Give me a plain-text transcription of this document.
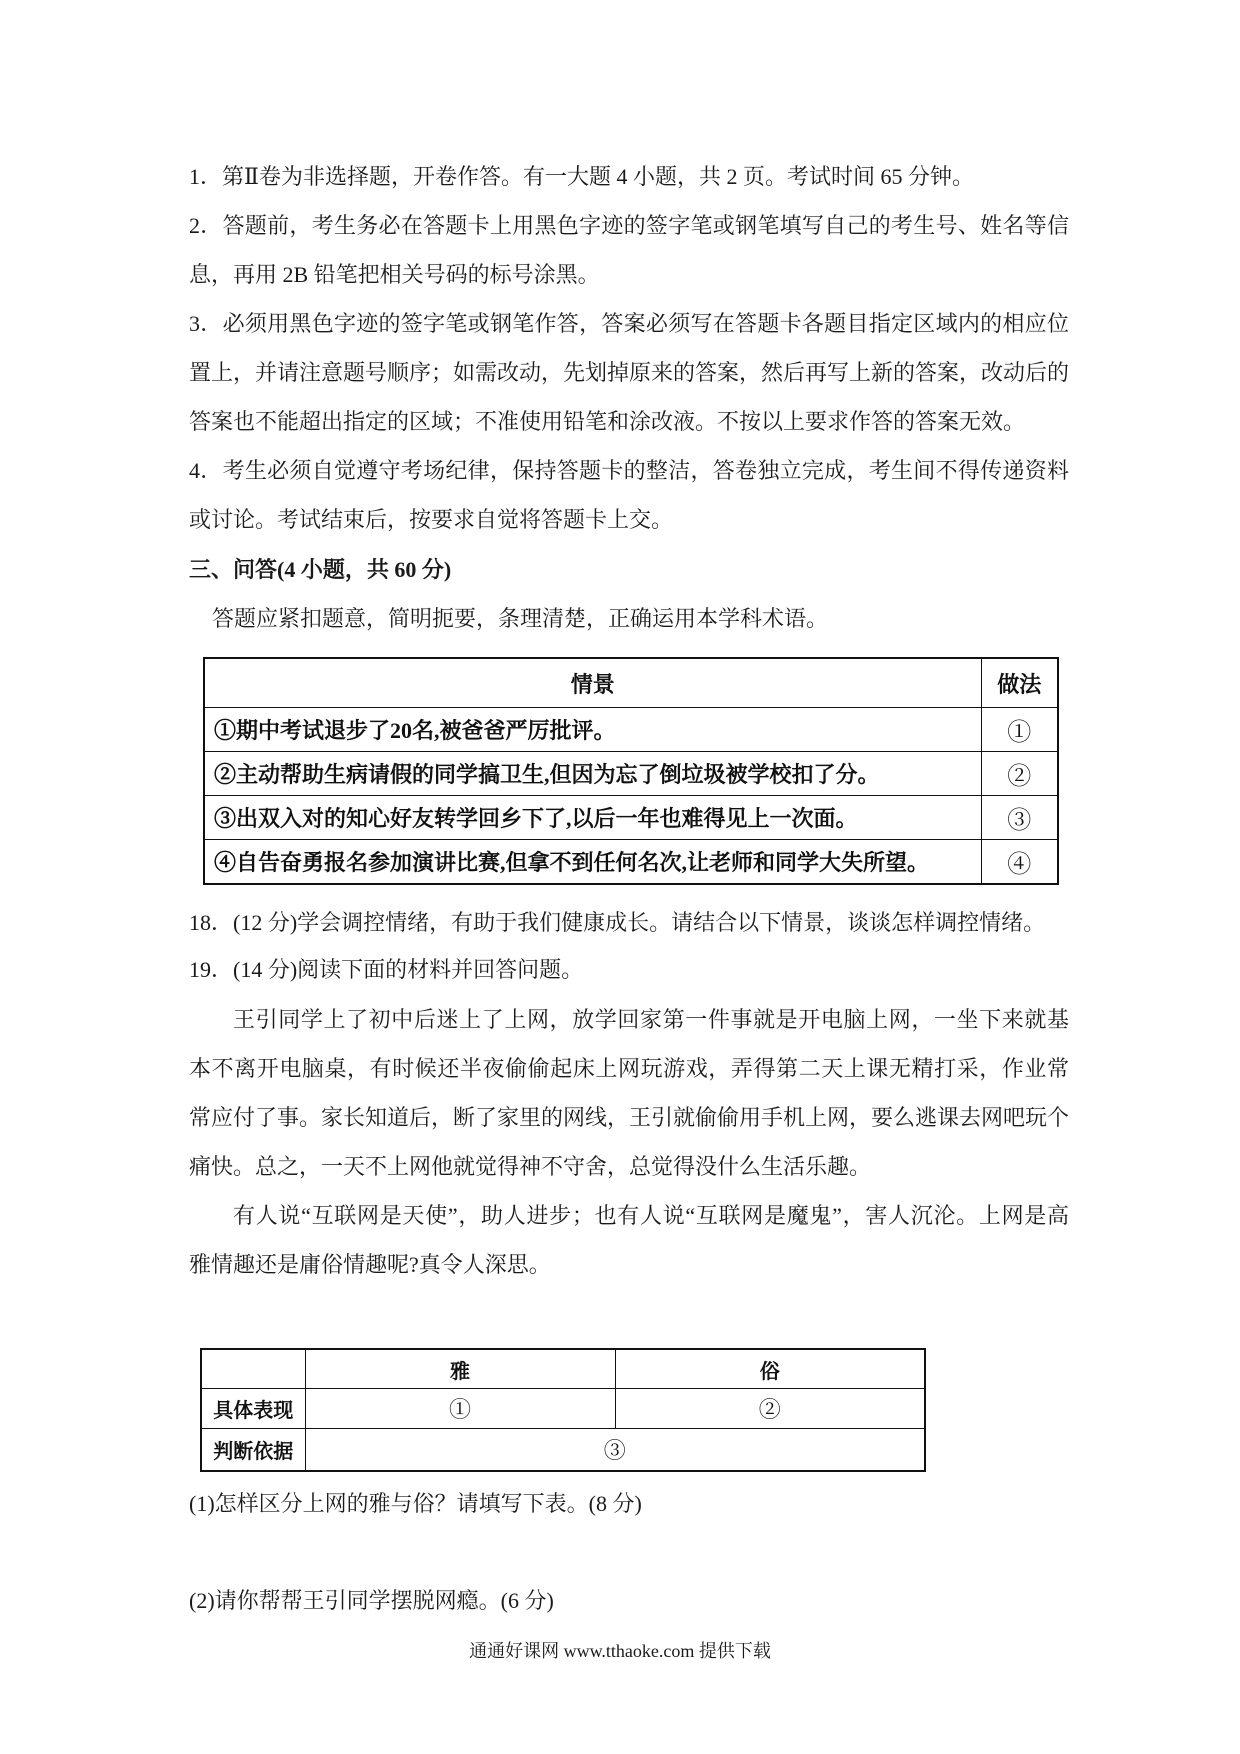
1．第Ⅱ卷为非选择题，开卷作答。有一大题 4 小题，共 2 页。考试时间 65 分钟。
2．答题前，考生务必在答题卡上用黑色字迹的签字笔或钢笔填写自己的考生号、姓名等信
息，再用 2B 铅笔把相关号码的标号涂黑。
3．必须用黑色字迹的签字笔或钢笔作答，答案必须写在答题卡各题目指定区域内的相应位
置上，并请注意题号顺序；如需改动，先划掉原来的答案，然后再写上新的答案，改动后的
答案也不能超出指定的区域；不准使用铅笔和涂改液。不按以上要求作答的答案无效。
4．考生必须自觉遵守考场纪律，保持答题卡的整洁，答卷独立完成，考生间不得传递资料
或讨论。考试结束后，按要求自觉将答题卡上交。
三、问答(4 小题，共 60 分)
答题应紧扣题意，简明扼要，条理清楚，正确运用本学科术语。
情景	做法
①期中考试退步了20名,被爸爸严厉批评。	①
②主动帮助生病请假的同学搞卫生,但因为忘了倒垃圾被学校扣了分。	②
③出双入对的知心好友转学回乡下了,以后一年也难得见上一次面。	③
④自告奋勇报名参加演讲比赛,但拿不到任何名次,让老师和同学大失所望。	④
18．(12 分)学会调控情绪，有助于我们健康成长。请结合以下情景，谈谈怎样调控情绪。
19．(14 分)阅读下面的材料并回答问题。
王引同学上了初中后迷上了上网，放学回家第一件事就是开电脑上网，一坐下来就基
本不离开电脑桌，有时候还半夜偷偷起床上网玩游戏，弄得第二天上课无精打采，作业常
常应付了事。家长知道后，断了家里的网线，王引就偷偷用手机上网，要么逃课去网吧玩个
痛快。总之，一天不上网他就觉得神不守舍，总觉得没什么生活乐趣。
有人说“互联网是天使”，助人进步；也有人说“互联网是魔鬼”，害人沉沦。上网是高
雅情趣还是庸俗情趣呢?真令人深思。
	雅	俗
具体表现	①	②
判断依据	③	
(1)怎样区分上网的雅与俗？请填写下表。(8 分)
(2)请你帮帮王引同学摆脱网瘾。(6 分)
通通好课网 www.tthaoke.com 提供下载
